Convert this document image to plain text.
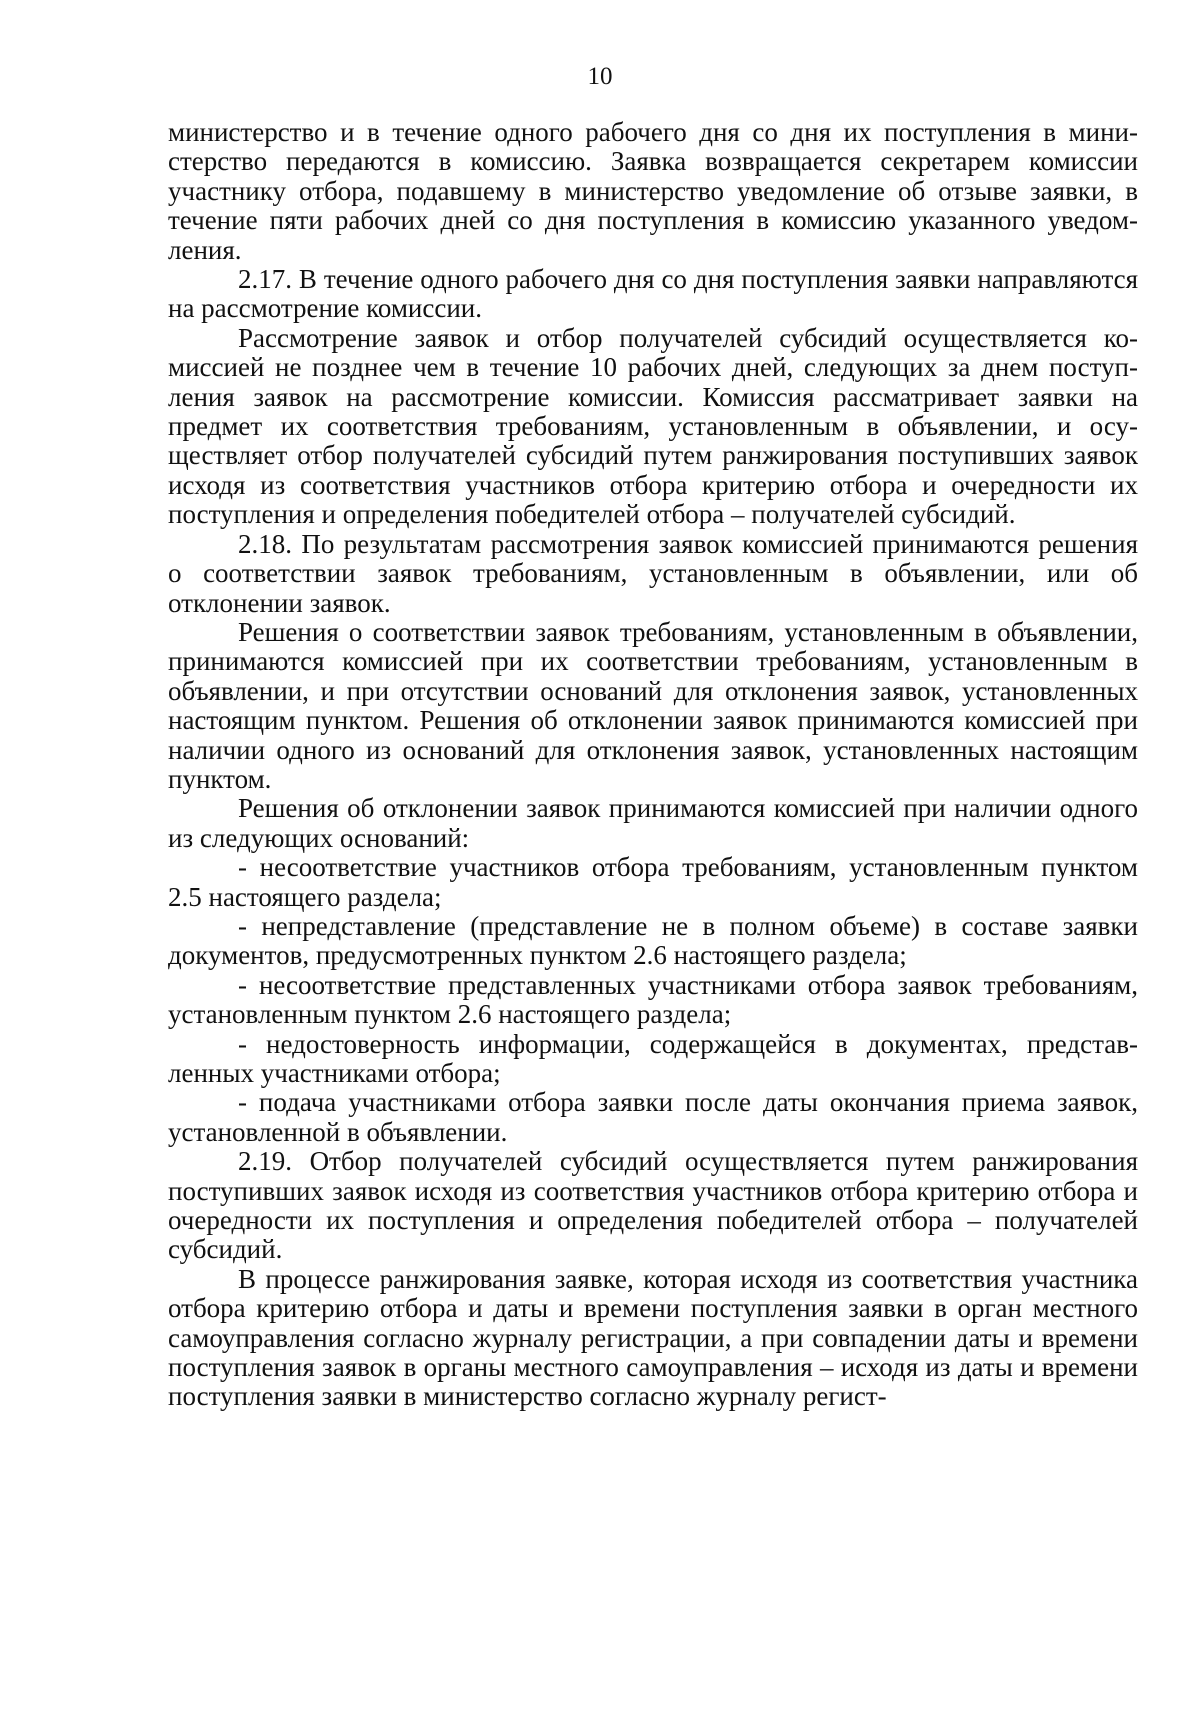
10

министерство и в течение одного рабочего дня со дня их поступления в министерство передаются в комиссию. Заявка возвращается секретарем комиссии участнику отбора, подавшему в министерство уведомление об отзыве заявки, в течение пяти рабочих дней со дня поступления в комиссию указанного уведомления.

2.17. В течение одного рабочего дня со дня поступления заявки направляются на рассмотрение комиссии.

Рассмотрение заявок и отбор получателей субсидий осуществляется комиссией не позднее чем в течение 10 рабочих дней, следующих за днем поступления заявок на рассмотрение комиссии. Комиссия рассматривает заявки на предмет их соответствия требованиям, установленным в объявлении, и осуществляет отбор получателей субсидий путем ранжирования поступивших заявок исходя из соответствия участников отбора критерию отбора и очередности их поступления и определения победителей отбора – получателей субсидий.

2.18. По результатам рассмотрения заявок комиссией принимаются решения о соответствии заявок требованиям, установленным в объявлении, или об отклонении заявок.

Решения о соответствии заявок требованиям, установленным в объявлении, принимаются комиссией при их соответствии требованиям, установленным в объявлении, и при отсутствии оснований для отклонения заявок, установленных настоящим пунктом. Решения об отклонении заявок принимаются комиссией при наличии одного из оснований для отклонения заявок, установленных настоящим пунктом.

Решения об отклонении заявок принимаются комиссией при наличии одного из следующих оснований:

- несоответствие участников отбора требованиям, установленным пунктом 2.5 настоящего раздела;

- непредставление (представление не в полном объеме) в составе заявки документов, предусмотренных пунктом 2.6 настоящего раздела;

- несоответствие представленных участниками отбора заявок требованиям, установленным пунктом 2.6 настоящего раздела;

- недостоверность информации, содержащейся в документах, представленных участниками отбора;

- подача участниками отбора заявки после даты окончания приема заявок, установленной в объявлении.

2.19. Отбор получателей субсидий осуществляется путем ранжирования поступивших заявок исходя из соответствия участников отбора критерию отбора и очередности их поступления и определения победителей отбора – получателей субсидий.

В процессе ранжирования заявке, которая исходя из соответствия участника отбора критерию отбора и даты и времени поступления заявки в орган местного самоуправления согласно журналу регистрации, а при совпадении даты и времени поступления заявок в органы местного самоуправления – исходя из даты и времени поступления заявки в министерство согласно журналу регист-
